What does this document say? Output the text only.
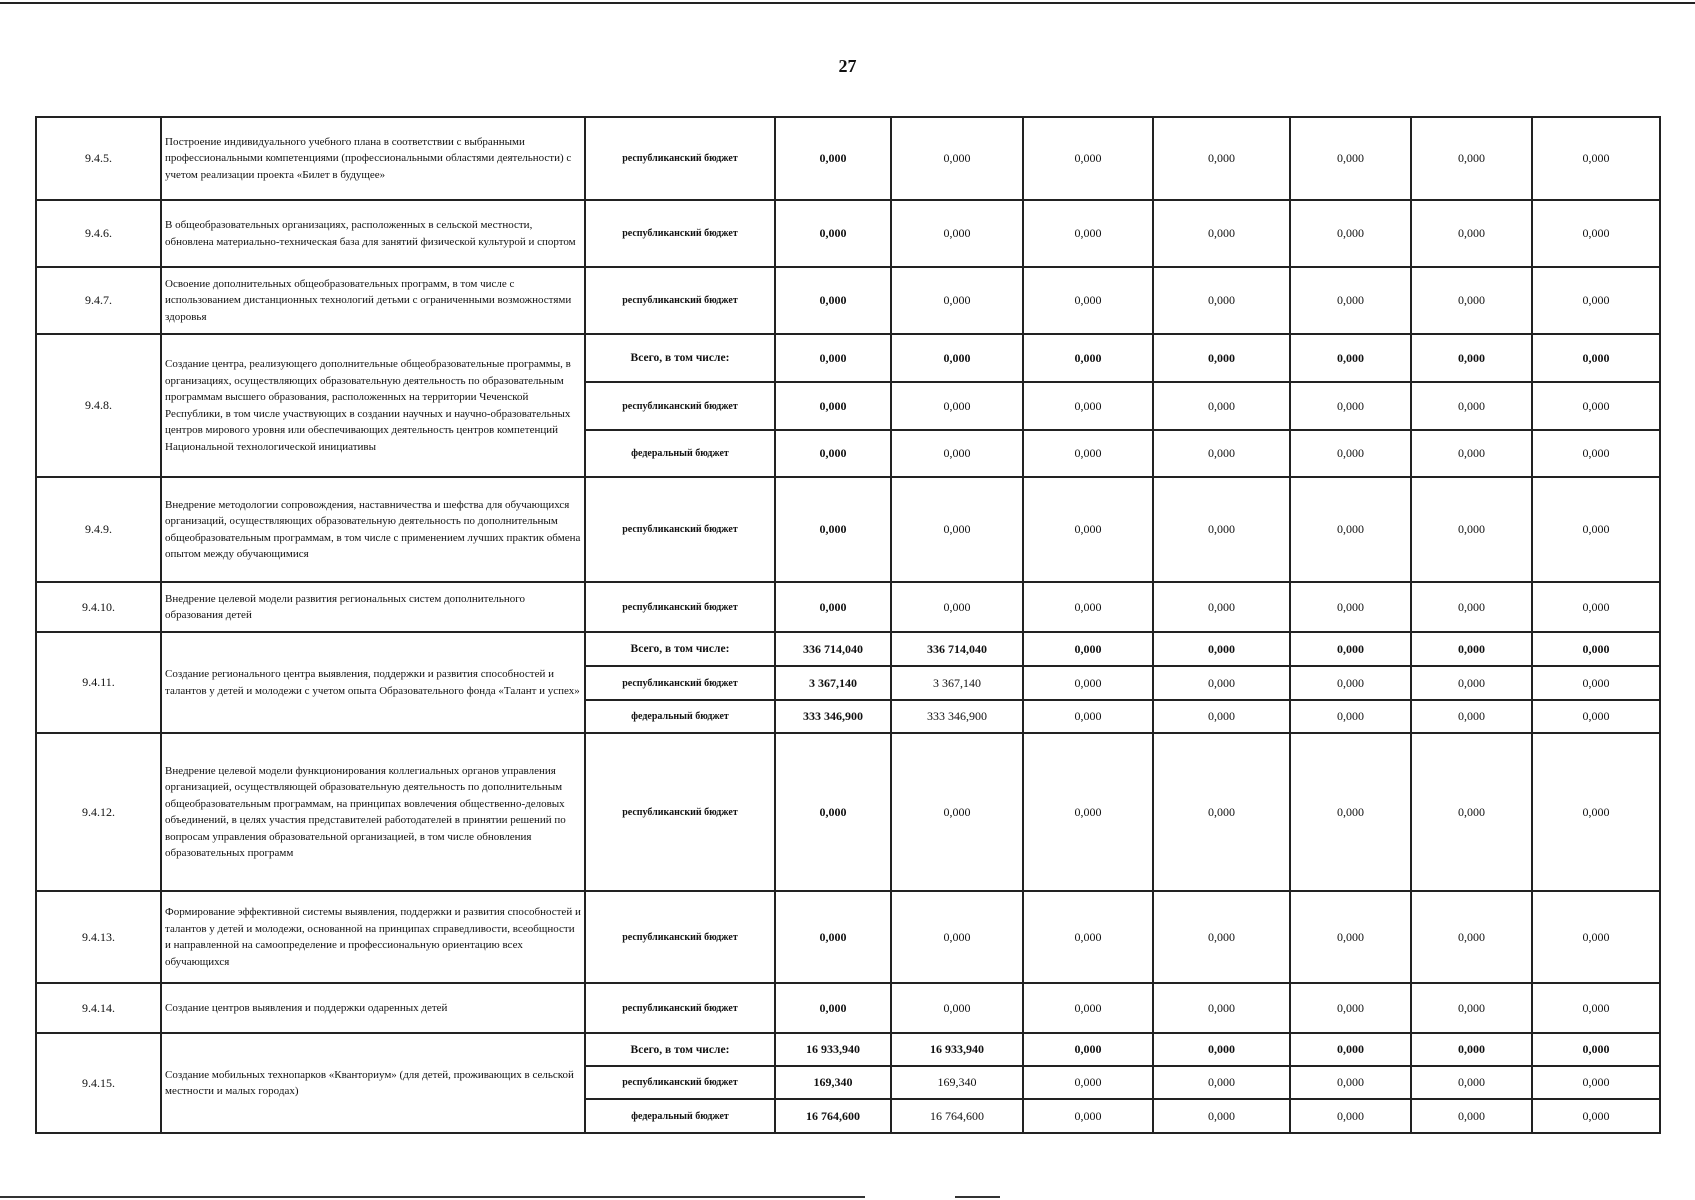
27
9.4.5.	Построение индивидуального учебного плана в соответствии с выбранными профессиональными компетенциями (профессиональными областями деятельности) с учетом реализации проекта «Билет в будущее»	республиканский бюджет	0,000	0,000	0,000	0,000	0,000	0,000	0,000
9.4.6.	В общеобразовательных организациях, расположенных в сельской местности, обновлена материально-техническая база для занятий физической культурой и спортом	республиканский бюджет	0,000	0,000	0,000	0,000	0,000	0,000	0,000
9.4.7.	Освоение дополнительных общеобразовательных программ, в том числе с использованием дистанционных технологий детьми с ограниченными возможностями здоровья	республиканский бюджет	0,000	0,000	0,000	0,000	0,000	0,000	0,000
9.4.8.	Создание центра, реализующего дополнительные общеобразовательные программы, в организациях, осуществляющих образовательную деятельность по образовательным программам высшего образования, расположенных на территории Чеченской Республики, в том числе участвующих в создании научных и научно-образовательных центров мирового уровня или обеспечивающих деятельность центров компетенций Национальной технологической инициативы	Всего, в том числе:	0,000	0,000	0,000	0,000	0,000	0,000	0,000
		республиканский бюджет	0,000	0,000	0,000	0,000	0,000	0,000	0,000
		федеральный бюджет	0,000	0,000	0,000	0,000	0,000	0,000	0,000
9.4.9.	Внедрение методологии сопровождения, наставничества и шефства для обучающихся организаций, осуществляющих образовательную деятельность по дополнительным общеобразовательным программам, в том числе с применением лучших практик обмена опытом между обучающимися	республиканский бюджет	0,000	0,000	0,000	0,000	0,000	0,000	0,000
9.4.10.	Внедрение целевой модели развития региональных систем дополнительного образования детей	республиканский бюджет	0,000	0,000	0,000	0,000	0,000	0,000	0,000
9.4.11.	Создание регионального центра выявления, поддержки и развития способностей и талантов у детей и молодежи с учетом опыта Образовательного фонда «Талант и успех»	Всего, в том числе:	336 714,040	336 714,040	0,000	0,000	0,000	0,000	0,000
		республиканский бюджет	3 367,140	3 367,140	0,000	0,000	0,000	0,000	0,000
		федеральный бюджет	333 346,900	333 346,900	0,000	0,000	0,000	0,000	0,000
9.4.12.	Внедрение целевой модели функционирования коллегиальных органов управления организацией, осуществляющей образовательную деятельность по дополнительным общеобразовательным программам, на принципах вовлечения общественно-деловых объединений, в целях участия представителей работодателей в принятии решений по вопросам управления образовательной организацией, в том числе обновления образовательных программ	республиканский бюджет	0,000	0,000	0,000	0,000	0,000	0,000	0,000
9.4.13.	Формирование эффективной системы выявления, поддержки и развития способностей и талантов у детей и молодежи, основанной на принципах справедливости, всеобщности и направленной на самоопределение и профессиональную ориентацию всех обучающихся	республиканский бюджет	0,000	0,000	0,000	0,000	0,000	0,000	0,000
9.4.14.	Создание центров выявления и поддержки одаренных детей	республиканский бюджет	0,000	0,000	0,000	0,000	0,000	0,000	0,000
9.4.15.	Создание мобильных технопарков «Кванториум» (для детей, проживающих в сельской местности и малых городах)	Всего, в том числе:	16 933,940	16 933,940	0,000	0,000	0,000	0,000	0,000
		республиканский бюджет	169,340	169,340	0,000	0,000	0,000	0,000	0,000
		федеральный бюджет	16 764,600	16 764,600	0,000	0,000	0,000	0,000	0,000
